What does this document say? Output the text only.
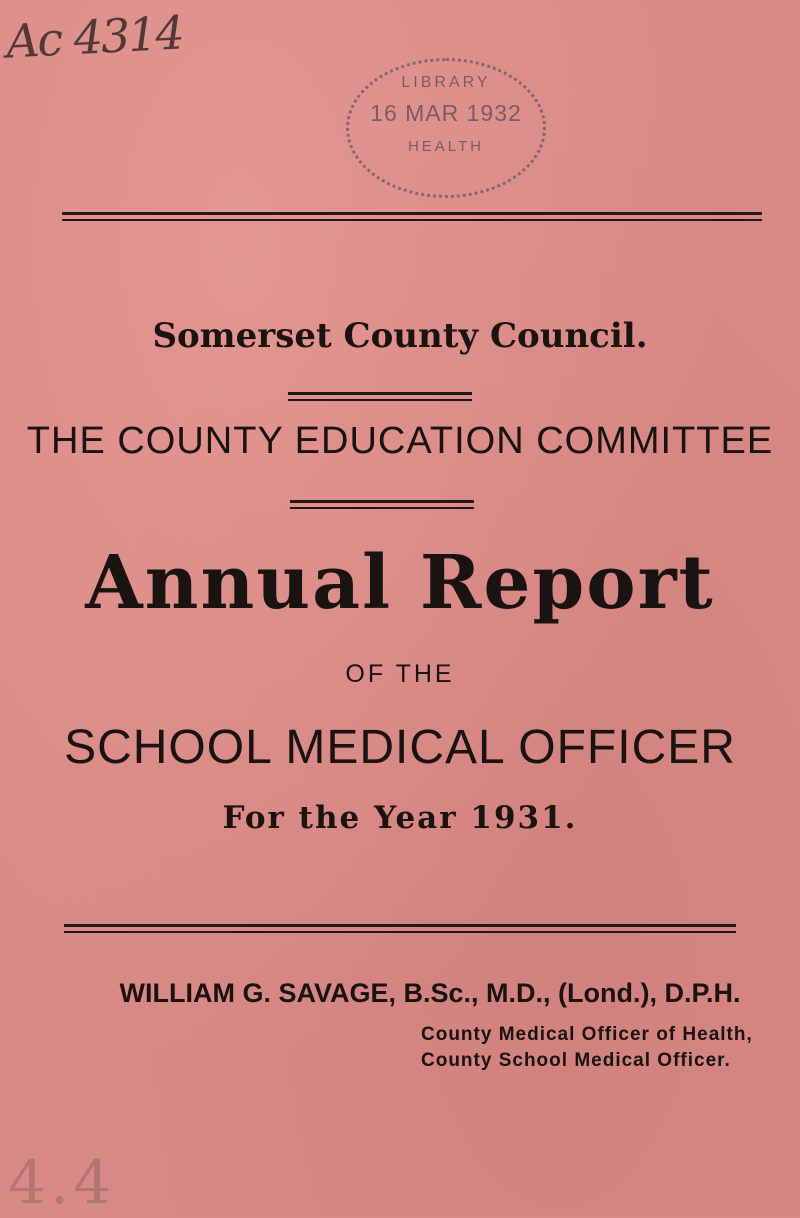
Ac 4314
LIBRARY
16 MAR 1932
HEALTH
Somerset County Council.
THE COUNTY EDUCATION COMMITTEE
Annual Report
OF THE
SCHOOL MEDICAL OFFICER
For the Year 1931.
WILLIAM G. SAVAGE, B.Sc., M.D., (Lond.), D.P.H.
County Medical Officer of Health,
County School Medical Officer.
4.4
